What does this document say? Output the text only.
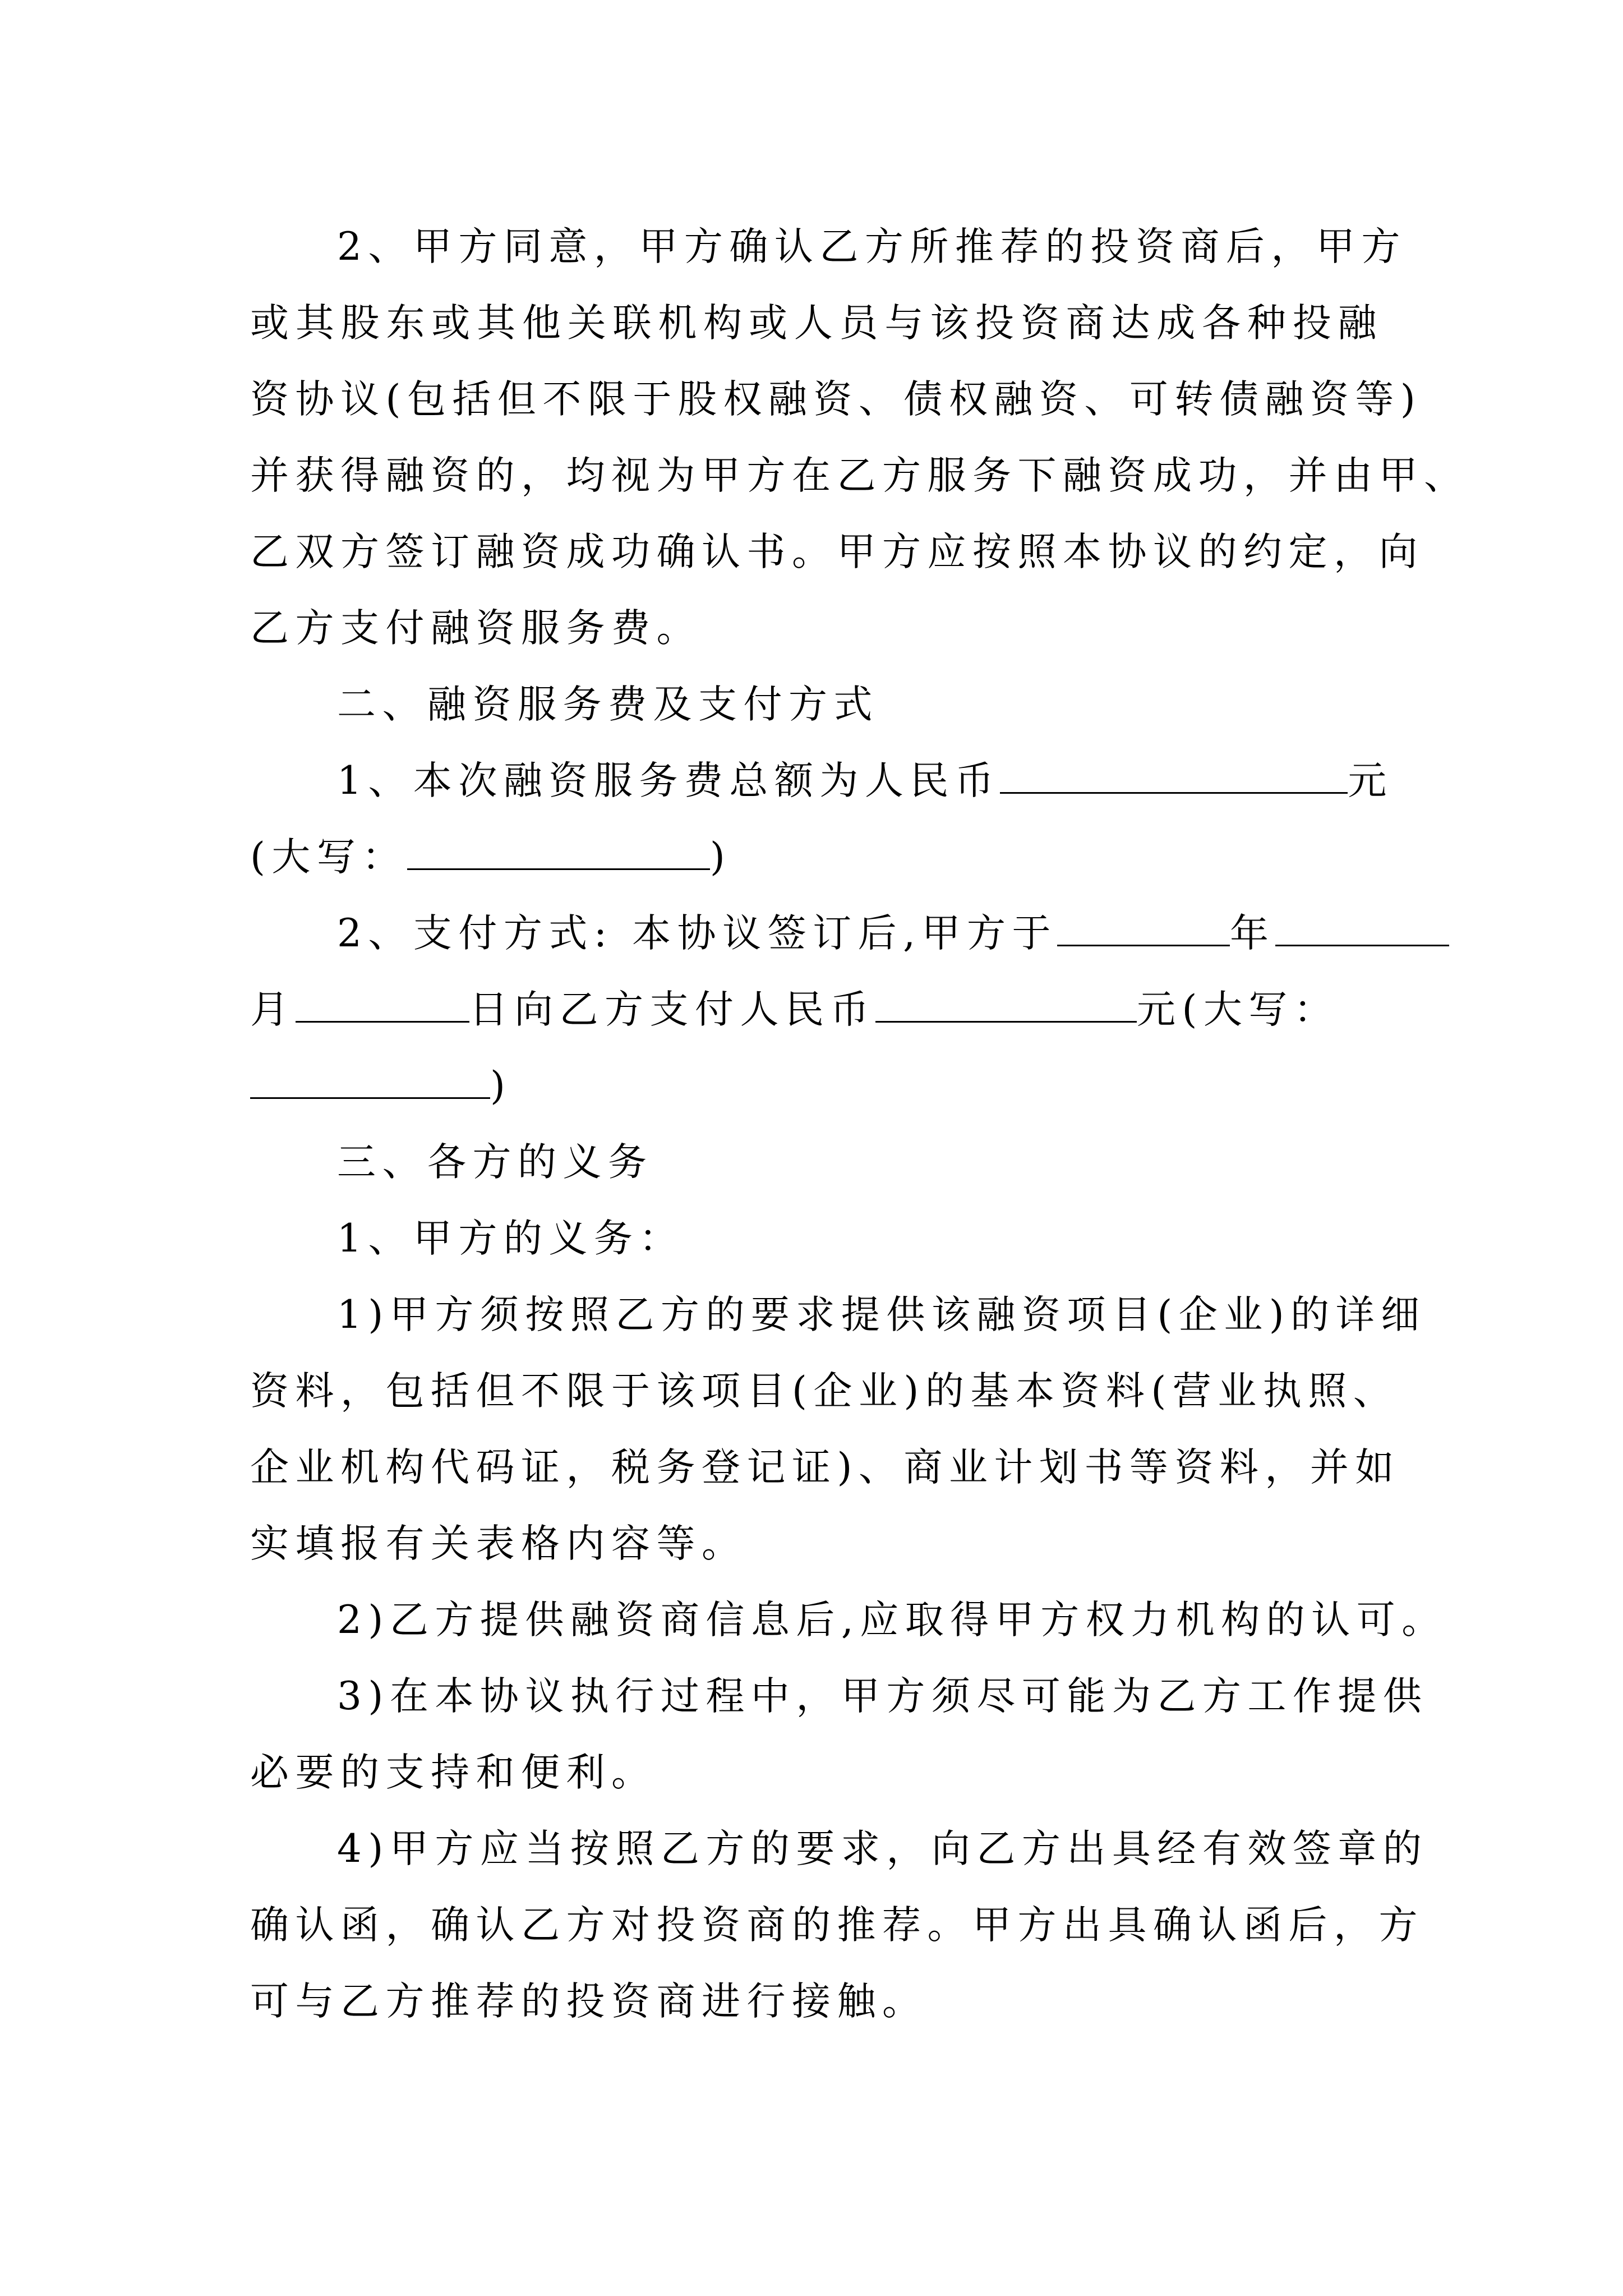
2、甲方同意，甲方确认乙方所推荐的投资商后，甲方
或其股东或其他关联机构或人员与该投资商达成各种投融
资协议(包括但不限于股权融资、债权融资、可转债融资等)
并获得融资的，均视为甲方在乙方服务下融资成功，并由甲、
乙双方签订融资成功确认书。甲方应按照本协议的约定，向
乙方支付融资服务费。
二、融资服务费及支付方式
1、本次融资服务费总额为人民币	元
(大写：	)
2、支付方式: 本协议签订后,甲方于	年
月	日向乙方支付人民币	元(大写：
)
三、各方的义务
1、甲方的义务：
1)甲方须按照乙方的要求提供该融资项目(企业)的详细
资料，包括但不限于该项目(企业)的基本资料(营业执照、
企业机构代码证，税务登记证)、商业计划书等资料，并如
实填报有关表格内容等。
2)乙方提供融资商信息后,应取得甲方权力机构的认可。
3)在本协议执行过程中，甲方须尽可能为乙方工作提供
必要的支持和便利。
4)甲方应当按照乙方的要求，向乙方出具经有效签章的
确认函，确认乙方对投资商的推荐。甲方出具确认函后，方
可与乙方推荐的投资商进行接触。
